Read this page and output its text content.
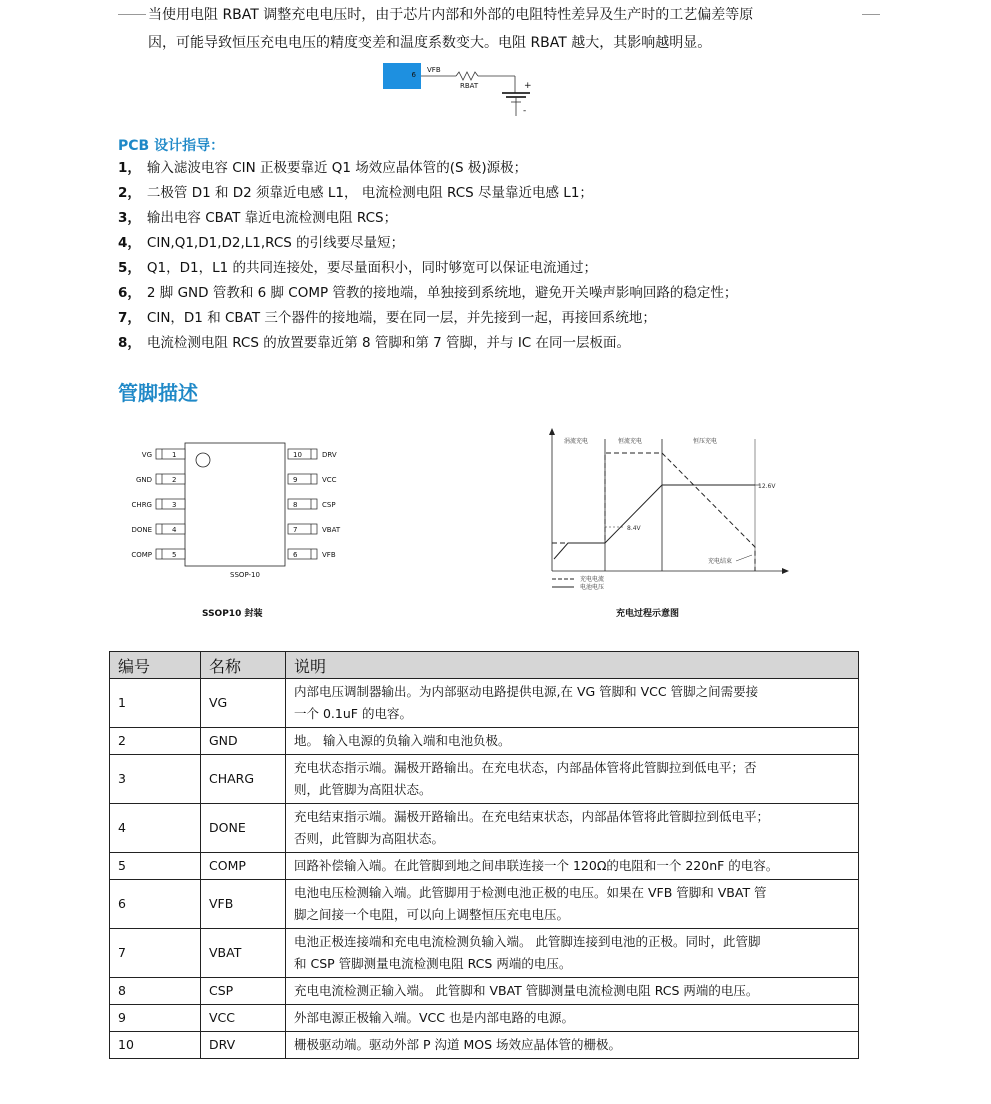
当使用电阻 RBAT 调整充电电压时，由于芯片内部和外部的电阻特性差异及生产时的工艺偏差等原
因，可能导致恒压充电电压的精度变差和温度系数变大。电阻 RBAT 越大，其影响越明显。
6
VFB
RBAT	+
-
PCB 设计指导：
1， 输入滤波电容 CIN 正极要靠近 Q1 场效应晶体管的(S 极)源极；
2， 二极管 D1 和 D2 须靠近电感 L1， 电流检测电阻 RCS 尽量靠近电感 L1；
3， 输出电容 CBAT 靠近电流检测电阻 RCS；
4， CIN,Q1,D1,D2,L1,RCS 的引线要尽量短；
5， Q1，D1，L1 的共同连接处，要尽量面积小，同时够宽可以保证电流通过；
6， 2 脚 GND 管教和 6 脚 COMP 管教的接地端，单独接到系统地，避免开关噪声影响回路的稳定性；
7， CIN，D1 和 CBAT 三个器件的接地端，要在同一层，并先接到一起，再接回系统地；
8， 电流检测电阻 RCS 的放置要靠近第 8 管脚和第 7 管脚，并与 IC 在同一层板面。
管脚描述
1
VG
2
GND
3
CHRG
4
DONE
5
COMP
10	DRV
9	VCC
8	CSP
7	VBAT
6	VFB
SSOP-10
SSOP10 封装
涓流充电	恒流充电	恒压充电
12.6V
8.4V
充电结束
充电电流
电池电压
充电过程示意图
编号	名称	说明
1	VG	内部电压调制器输出。为内部驱动电路提供电源,在 VG 管脚和 VCC 管脚之间需要接
一个 0.1uF 的电容。

2	GND	地。 输入电源的负输入端和电池负极。

3	CHARG	充电状态指示端。漏极开路输出。在充电状态，内部晶体管将此管脚拉到低电平；否
则，此管脚为高阻状态。

4	DONE	充电结束指示端。漏极开路输出。在充电结束状态，内部晶体管将此管脚拉到低电平；
否则，此管脚为高阻状态。

5	COMP	回路补偿输入端。在此管脚到地之间串联连接一个 120Ω的电阻和一个 220nF 的电容。

6	VFB	电池电压检测输入端。此管脚用于检测电池正极的电压。如果在 VFB 管脚和 VBAT 管
脚之间接一个电阻，可以向上调整恒压充电电压。

7	VBAT	电池正极连接端和充电电流检测负输入端。 此管脚连接到电池的正极。同时，此管脚
和 CSP 管脚测量电流检测电阻 RCS 两端的电压。

8	CSP	充电电流检测正输入端。 此管脚和 VBAT 管脚测量电流检测电阻 RCS 两端的电压。

9	VCC	外部电源正极输入端。VCC 也是内部电路的电源。

10	DRV	栅极驱动端。驱动外部 P 沟道 MOS 场效应晶体管的栅极。
